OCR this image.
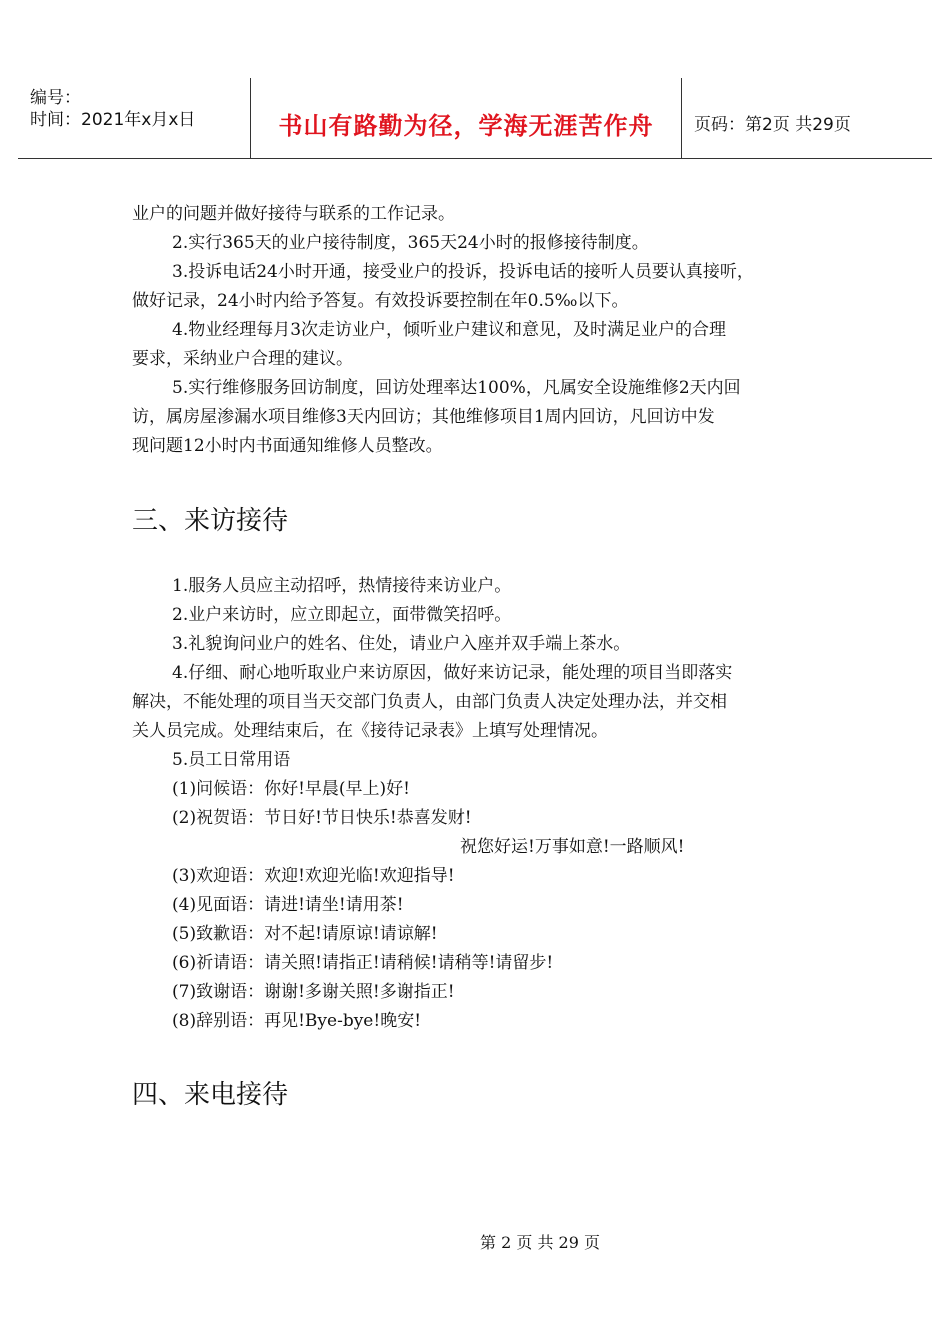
编号：
时间：2021年x月x日	书山有路勤为径，学海无涯苦作舟	页码：第2页 共29页
业户的问题并做好接待与联系的工作记录。
2.实行365天的业户接待制度，365天24小时的报修接待制度。
3.投诉电话24小时开通，接受业户的投诉，投诉电话的接听人员要认真接听，
做好记录，24小时内给予答复。有效投诉要控制在年0.5‰以下。
4.物业经理每月3次走访业户，倾听业户建议和意见，及时满足业户的合理
要求，采纳业户合理的建议。
5.实行维修服务回访制度，回访处理率达100%，凡属安全设施维修2天内回
访，属房屋渗漏水项目维修3天内回访；其他维修项目1周内回访，凡回访中发
现问题12小时内书面通知维修人员整改。
三、来访接待
1.服务人员应主动招呼，热情接待来访业户。
2.业户来访时，应立即起立，面带微笑招呼。
3.礼貌询问业户的姓名、住处，请业户入座并双手端上茶水。
4.仔细、耐心地听取业户来访原因，做好来访记录，能处理的项目当即落实
解决，不能处理的项目当天交部门负责人，由部门负责人决定处理办法，并交相
关人员完成。处理结束后，在《接待记录表》上填写处理情况。
5.员工日常用语
(1)问候语：你好!早晨(早上)好!
(2)祝贺语：节日好!节日快乐!恭喜发财!
祝您好运!万事如意!一路顺风!
(3)欢迎语：欢迎!欢迎光临!欢迎指导!
(4)见面语：请进!请坐!请用茶!
(5)致歉语：对不起!请原谅!请谅解!
(6)祈请语：请关照!请指正!请稍候!请稍等!请留步!
(7)致谢语：谢谢!多谢关照!多谢指正!
(8)辞别语：再见!Bye-bye!晚安!
四、来电接待
第 2 页 共 29 页
